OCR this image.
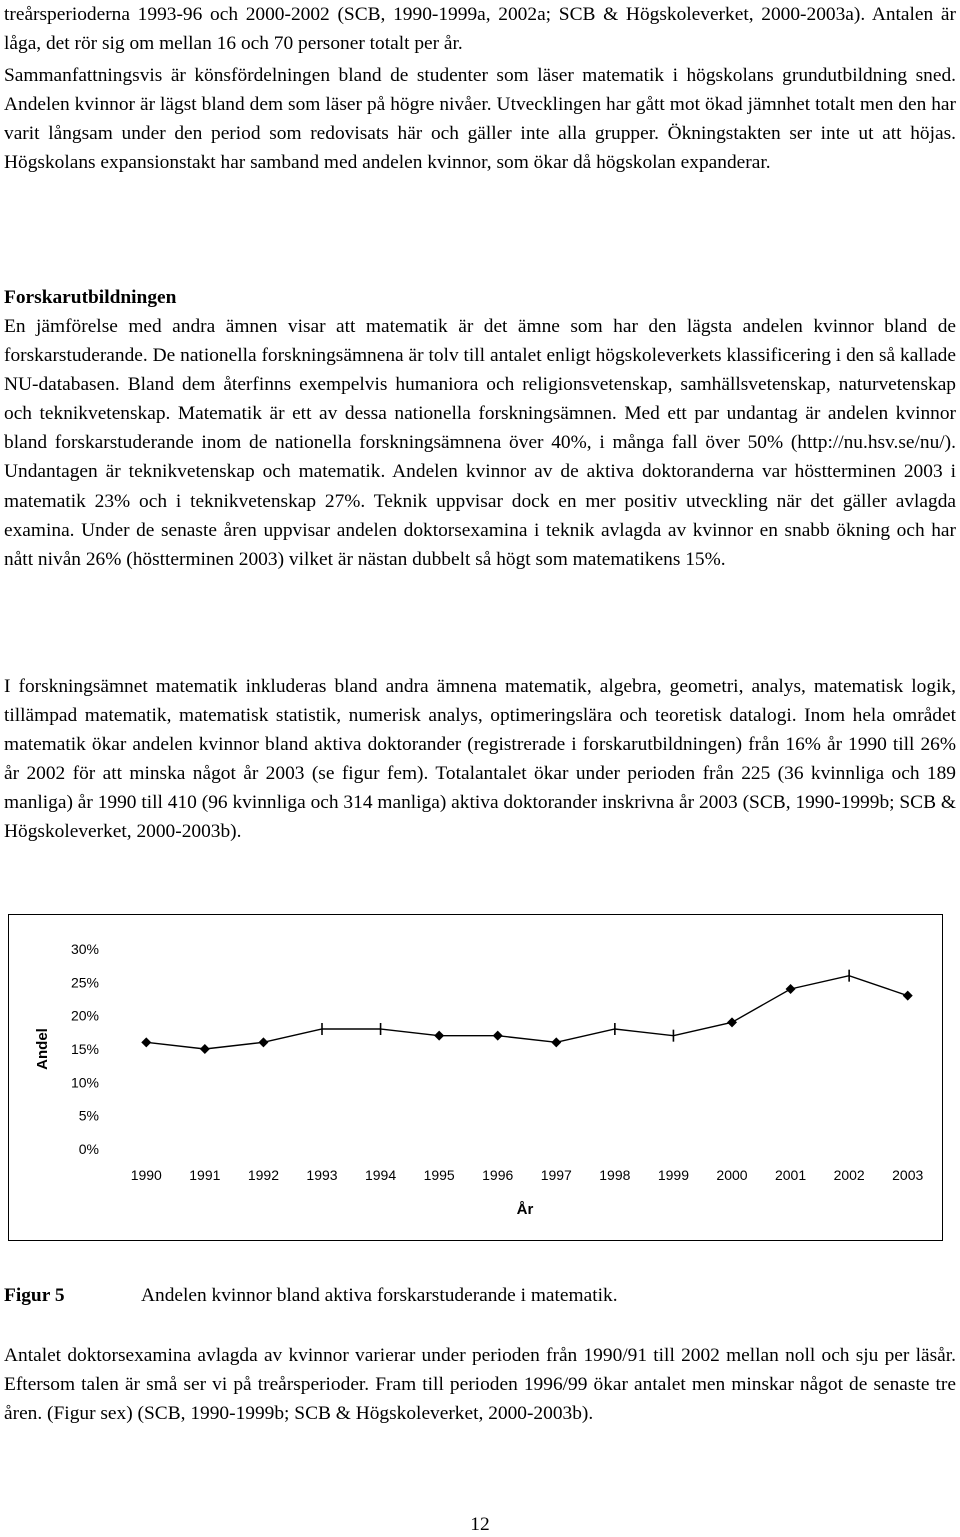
treårsperioderna 1993-96 och 2000-2002 (SCB, 1990-1999a, 2002a; SCB & Högskoleverket, 2000-2003a). Antalen är låga, det rör sig om mellan 16 och 70 personer totalt per år.

Sammanfattningsvis är könsfördelningen bland de studenter som läser matematik i högskolans grundutbildning sned. Andelen kvinnor är lägst bland dem som läser på högre nivåer. Utvecklingen har gått mot ökad jämnhet totalt men den har varit långsam under den period som redovisats här och gäller inte alla grupper. Ökningstakten ser inte ut att höjas. Högskolans expansionstakt har samband med andelen kvinnor, som ökar då högskolan expanderar.

Forskarutbildningen

En jämförelse med andra ämnen visar att matematik är det ämne som har den lägsta andelen kvinnor bland de forskarstuderande. De nationella forskningsämnena är tolv till antalet enligt högskoleverkets klassificering i den så kallade NU-databasen. Bland dem återfinns exempelvis humaniora och religionsvetenskap, samhällsvetenskap, naturvetenskap och teknikvetenskap. Matematik är ett av dessa nationella forskningsämnen. Med ett par undantag är andelen kvinnor bland forskarstuderande inom de nationella forskningsämnena över 40%, i många fall över 50% (http://nu.hsv.se/nu/). Undantagen är teknikvetenskap och matematik. Andelen kvinnor av de aktiva doktoranderna var höstterminen 2003 i matematik 23% och i teknikvetenskap 27%. Teknik uppvisar dock en mer positiv utveckling när det gäller avlagda examina. Under de senaste åren uppvisar andelen doktorsexamina i teknik avlagda av kvinnor en snabb ökning och har nått nivån 26% (höstterminen 2003) vilket är nästan dubbelt så högt som matematikens 15%.

I forskningsämnet matematik inkluderas bland andra ämnena matematik, algebra, geometri, analys, matematisk logik, tillämpad matematik, matematisk statistik, numerisk analys, optimeringslära och teoretisk datalogi. Inom hela området matematik ökar andelen kvinnor bland aktiva doktorander (registrerade i forskarutbildningen) från 16% år 1990 till 26% år 2002 för att minska något år 2003 (se figur fem). Totalantalet ökar under perioden från 225 (36 kvinnliga och 189 manliga) år 1990 till 410 (96 kvinnliga och 314 manliga) aktiva doktorander inskrivna år 2003 (SCB, 1990-1999b; SCB & Högskoleverket, 2000-2003b).

0%
5%
10%
15%
20%
25%
30%
1990 1991 1992 1993 1994 1995 1996 1997 1998 1999 2000 2001 2002 2003
Andel
År
Figur 5	Andelen kvinnor bland aktiva forskarstuderande i matematik.

Antalet doktorsexamina avlagda av kvinnor varierar under perioden från 1990/91 till 2002 mellan noll och sju per läsår. Eftersom talen är små ser vi på treårsperioder. Fram till perioden 1996/99 ökar antalet men minskar något de senaste tre åren. (Figur sex) (SCB, 1990-1999b; SCB & Högskoleverket, 2000-2003b).

12
